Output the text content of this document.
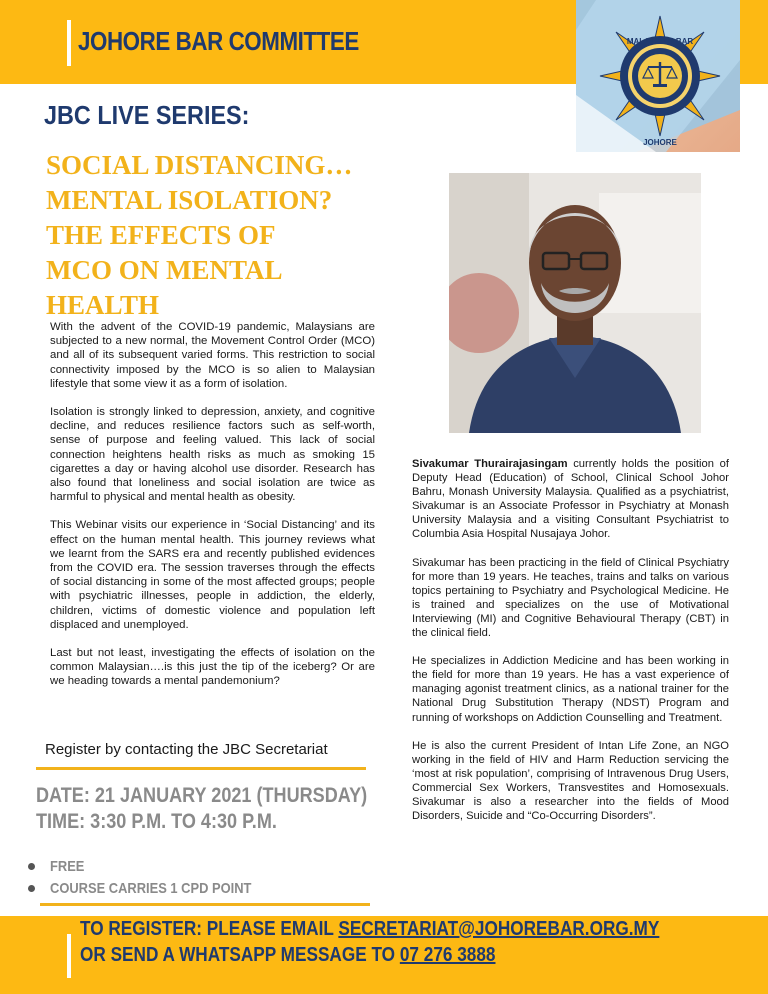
JOHORE BAR COMMITTEE	MALAYSIAN BAR
JOHORE
JBC LIVE SERIES:
SOCIAL DISTANCING…
MENTAL ISOLATION?
THE EFFECTS OF
MCO ON MENTAL
HEALTH

With the advent of the COVID-19 pandemic, Malaysians are subjected to a new normal, the Movement Control Order (MCO) and all of its subsequent varied forms. This restriction to social connectivity imposed by the MCO is so alien to Malaysian lifestyle that some view it as a form of isolation.

Isolation is strongly linked to depression, anxiety, and cognitive decline, and reduces resilience factors such as self-worth, sense of purpose and feeling valued. This lack of social connection heightens health risks as much as smoking 15 cigarettes a day or having alcohol use disorder. Research has also found that loneliness and social isolation are twice as harmful to physical and mental health as obesity.

This Webinar visits our experience in ‘Social Distancing’ and its effect on the human mental health. This journey reviews what we learnt from the SARS era and recently published evidences from the COVID era. The session traverses through the effects of social distancing in some of the most affected groups; people with psychiatric illnesses, people in addiction, the elderly, children, victims of domestic violence and population left displaced and unemployed.

Last but not least, investigating the effects of isolation on the common Malaysian….is this just the tip of the iceberg? Or are we heading towards a mental pandemonium?

Sivakumar Thurairajasingam currently holds the position of Deputy Head (Education) of School, Clinical School Johor Bahru, Monash University Malaysia. Qualified as a psychiatrist, Sivakumar is an Associate Professor in Psychiatry at Monash University Malaysia and a visiting Consultant Psychiatrist to Columbia Asia Hospital Nusajaya Johor.

Sivakumar has been practicing in the field of Clinical Psychiatry for more than 19 years. He teaches, trains and talks on various topics pertaining to Psychiatry and Psychological Medicine. He is trained and specializes on the use of Motivational Interviewing (MI) and Cognitive Behavioural Therapy (CBT) in the clinical field.

He specializes in Addiction Medicine and has been working in the field for more than 19 years. He has a vast experience of managing agonist treatment clinics, as a national trainer for the National Drug Substitution Therapy (NDST) Program and running of workshops on Addiction Counselling and Treatment.

He is also the current President of Intan Life Zone, an NGO working in the field of HIV and Harm Reduction servicing the ‘most at risk population’, comprising of Intravenous Drug Users, Commercial Sex Workers, Transvestites and Homosexuals. Sivakumar is also a researcher into the fields of Mood Disorders, Suicide and “Co-Occurring Disorders”.

Register by contacting the JBC Secretariat
DATE: 21 JANUARY 2021 (THURSDAY)
TIME: 3:30 P.M. TO 4:30 P.M.
FREE
COURSE CARRIES 1 CPD POINT
TO REGISTER: PLEASE EMAIL SECRETARIAT@JOHOREBAR.ORG.MY
OR SEND A WHATSAPP MESSAGE TO 07 276 3888
